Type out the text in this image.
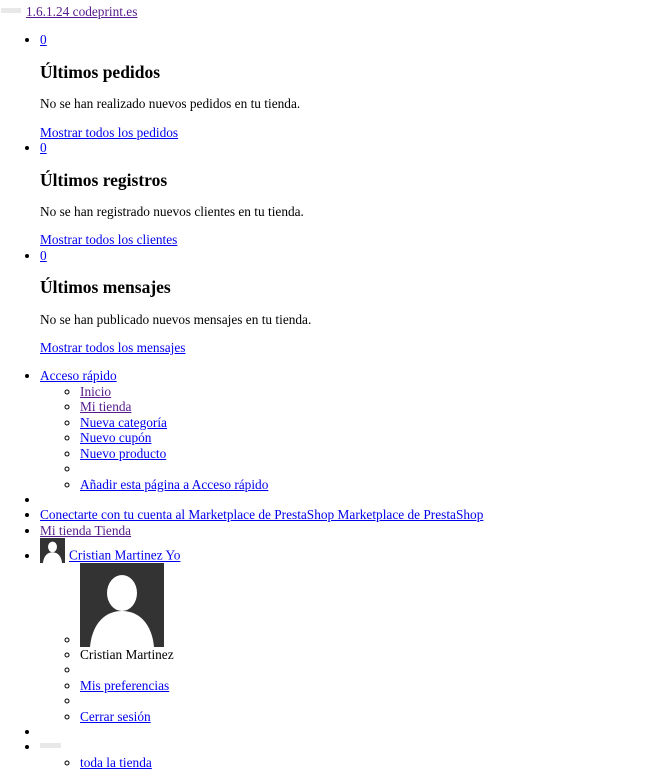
1.6.1.24 codeprint.es

• 0
Últimos pedidos

No se han realizado nuevos pedidos en tu tienda.

Mostrar todos los pedidos
• 0
Últimos registros

No se han registrado nuevos clientes en tu tienda.

Mostrar todos los clientes
• 0
Últimos mensajes

No se han publicado nuevos mensajes en tu tienda.

Mostrar todos los mensajes
• Acceso rápido
◦ Inicio
◦ Mi tienda
◦ Nueva categoría
◦ Nuevo cupón
◦ Nuevo producto
◦
◦ Añadir esta página a Acceso rápido
•
• Conectarte con tu cuenta al Marketplace de PrestaShop Marketplace de PrestaShop
• Mi tienda Tienda
• Cristian Martinez Yo
◦
◦ Cristian Martinez
◦
◦ Mis preferencias
◦
◦ Cerrar sesión
•
◦ • toda la tienda
